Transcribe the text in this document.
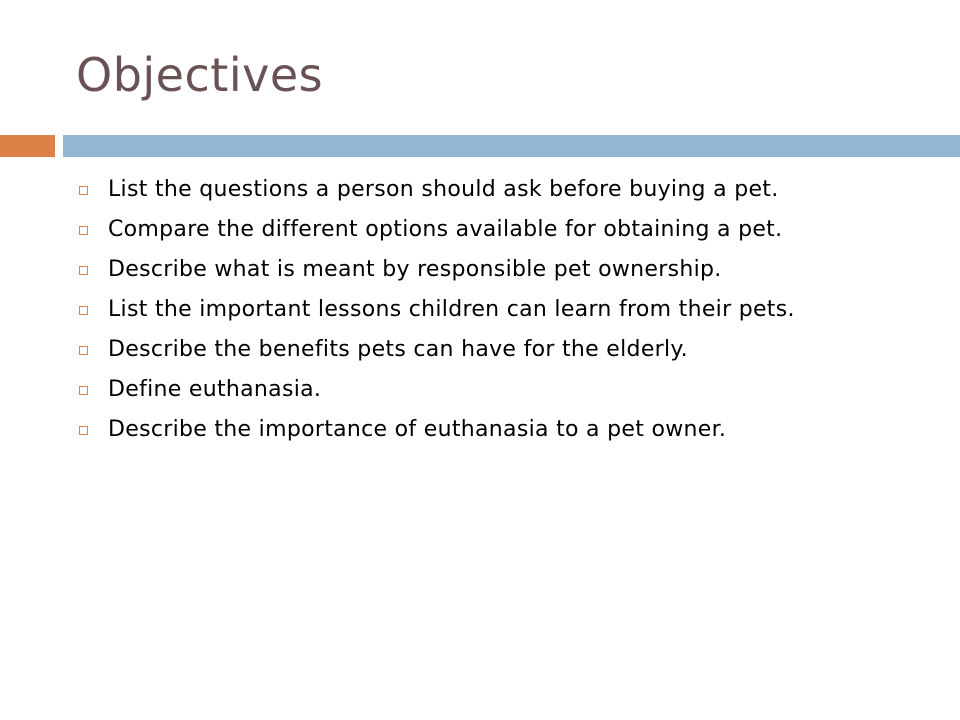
Objectives
List the questions a person should ask before buying a pet.
Compare the different options available for obtaining a pet.
Describe what is meant by responsible pet ownership.
List the important lessons children can learn from their pets.
Describe the benefits pets can have for the elderly.
Define euthanasia.
Describe the importance of euthanasia to a pet owner.
